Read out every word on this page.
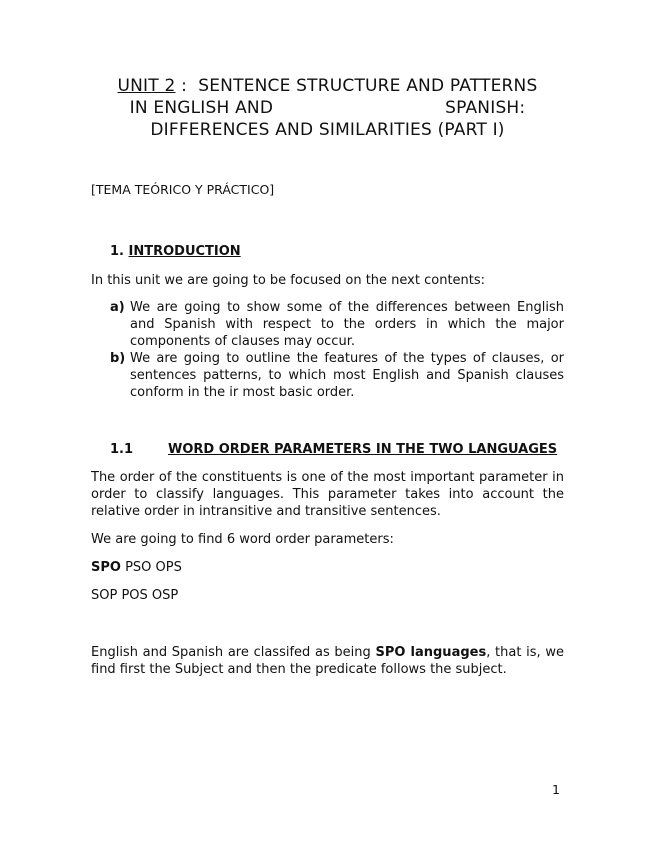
UNIT 2 :  SENTENCE STRUCTURE AND PATTERNS
IN ENGLISH AND	SPANISH:
DIFFERENCES AND SIMILARITIES (PART I)
[TEMA TEÓRICO Y PRÁCTICO]
1. INTRODUCTION
In this unit we are going to be focused on the next contents:
a) We are going to show some of the differences between English and Spanish with respect to the orders in which the major components of clauses may occur.
b) We are going to outline the features of the types of clauses, or sentences patterns, to which most English and Spanish clauses conform in the ir most basic order.
1.1	WORD ORDER PARAMETERS IN THE TWO LANGUAGES
The order of the constituents is one of the most important parameter in order to classify languages. This parameter takes into account the relative order in intransitive and transitive sentences.
We are going to find 6 word order parameters:
SPO PSO OPS
SOP POS OSP
English and Spanish are classifed as being SPO languages, that is, we find first the Subject and then the predicate follows the subject.
1
